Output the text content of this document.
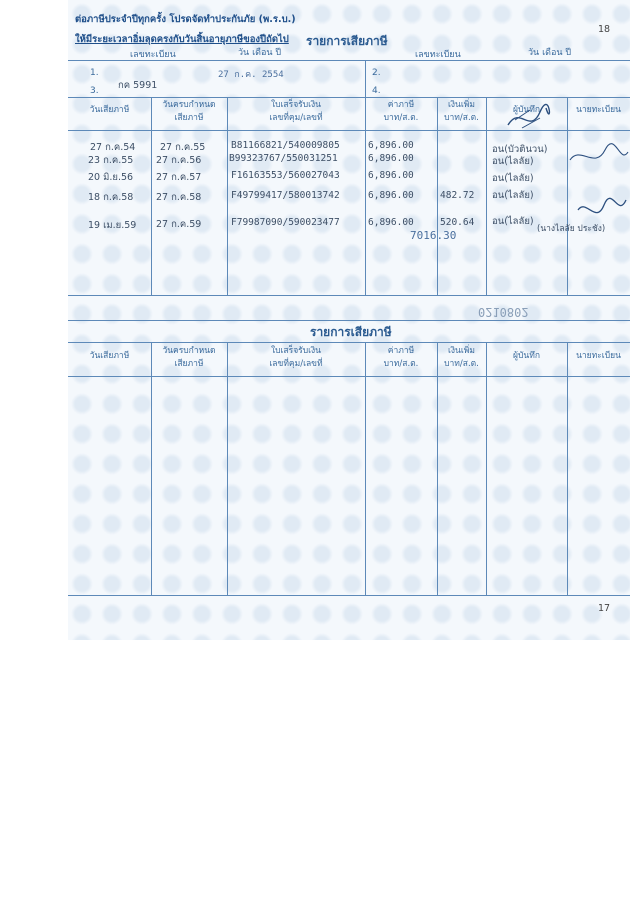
ต่อภาษีประจำปีทุกครั้ง โปรดจัดทำประกันภัย (พ.ร.บ.)
ให้มีระยะเวลาอิ่มลุดครงกับวันสิ้นอายุภาษีของปีถัดไป
18
เลขทะเบียน	วัน เดือน ปี
รายการเสียภาษี
เลขทะเบียน	วัน เดือน ปี
1.
กค 5991
27 ก.ค. 2554	2.
3.	4.
วันเสียภาษี	วันครบกำหนด
เสียภาษี
ใบเสร็จรับเงิน
เลขที่คุม/เลขที่
ค่าภาษี
บาท/ส.ต.
เงินเพิ่ม
บาท/ส.ต.
ผู้บันทึก	นายทะเบียน
27 ก.ค.54	27 ก.ค.55	B81166821/540009805	6,896.00	อน(บัวตินวน)
23 ก.ค.55 27 ก.ค.56	B99323767/550031251	6,896.00	อน(ไลลัย)
20 มิ.ย.56 27 ก.ค.57	F16163553/560027043	6,896.00	อน(ไลลัย)
18 ก.ค.58 27 ก.ค.58	F49799417/580013742	6,896.00	482.72 อน(ไลลัย)
19 เม.ย.59 27 ก.ค.59	F79987090/590023477	6,896.00	520.64 อน(ไลลัย)
7016.30	(นางไลลัย ประชัง)
รายการเสียภาษี
0210802
วันเสียภาษี	วันครบกำหนด
เสียภาษี
ใบเสร็จรับเงิน
เลขที่คุม/เลขที่
ค่าภาษี
บาท/ส.ต.
เงินเพิ่ม
บาท/ส.ต.
ผู้บันทึก	นายทะเบียน
17
